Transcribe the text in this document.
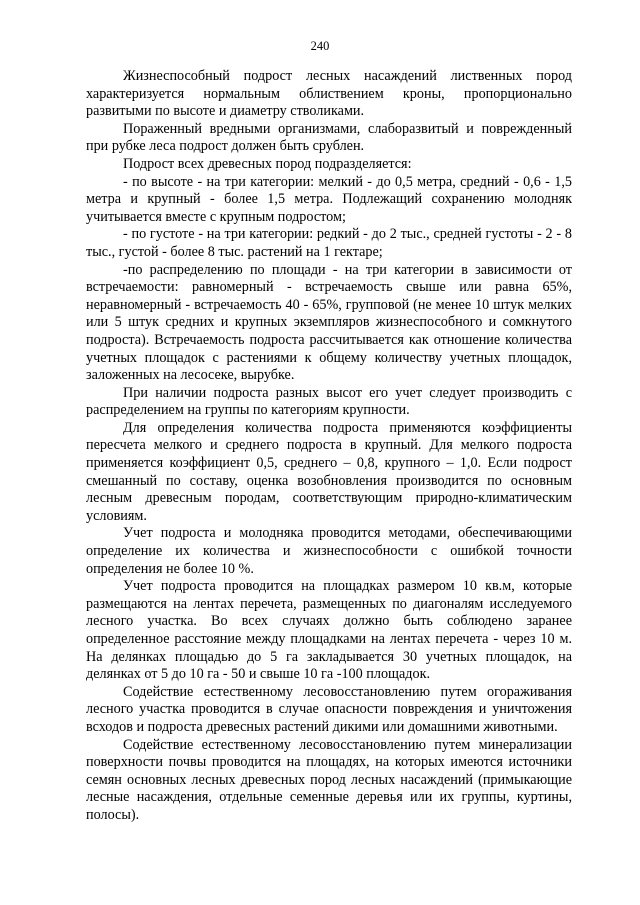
240

Жизнеспособный подрост лесных насаждений лиственных пород характеризуется нормальным облиствением кроны, пропорционально развитыми по высоте и диаметру стволиками.

Пораженный вредными организмами, слаборазвитый и поврежденный при рубке леса подрост должен быть срублен.

Подрост всех древесных пород подразделяется:

- по высоте - на три категории: мелкий - до 0,5 метра, средний - 0,6 - 1,5 метра и крупный - более 1,5 метра. Подлежащий сохранению молодняк учитывается вместе с крупным подростом;

- по густоте - на три категории: редкий - до 2 тыс., средней густоты - 2 - 8 тыс., густой - более 8 тыс. растений на 1 гектаре;

-по распределению по площади - на три категории в зависимости от встречаемости: равномерный - встречаемость свыше или равна 65%, неравномерный - встречаемость 40 - 65%, групповой (не менее 10 штук мелких или 5 штук средних и крупных экземпляров жизнеспособного и сомкнутого подроста). Встречаемость подроста рассчитывается как отношение количества учетных площадок с растениями к общему количеству учетных площадок, заложенных на лесосеке, вырубке.

При наличии подроста разных высот его учет следует производить с распределением на группы по категориям крупности.

Для определения количества подроста применяются коэффициенты пересчета мелкого и среднего подроста в крупный. Для мелкого подроста применяется коэффициент 0,5, среднего – 0,8, крупного – 1,0. Если подрост смешанный по составу, оценка возобновления производится по основным лесным древесным породам, соответствующим природно-климатическим условиям.

Учет подроста и молодняка проводится методами, обеспечивающими определение их количества и жизнеспособности с ошибкой точности определения не более 10 %.

Учет подроста проводится на площадках размером 10 кв.м, которые размещаются на лентах перечета, размещенных по диагоналям исследуемого лесного участка. Во всех случаях должно быть соблюдено заранее определенное расстояние между площадками на лентах перечета - через 10 м. На делянках площадью до 5 га закладывается 30 учетных площадок, на делянках от 5 до 10 га - 50 и свыше 10 га -100 площадок.

Содействие естественному лесовосстановлению путем огораживания лесного участка проводится в случае опасности повреждения и уничтожения всходов и подроста древесных растений дикими или домашними животными.

Содействие естественному лесовосстановлению путем минерализации поверхности почвы проводится на площадях, на которых имеются источники семян основных лесных древесных пород лесных насаждений (примыкающие лесные насаждения, отдельные семенные деревья или их группы, куртины, полосы).
